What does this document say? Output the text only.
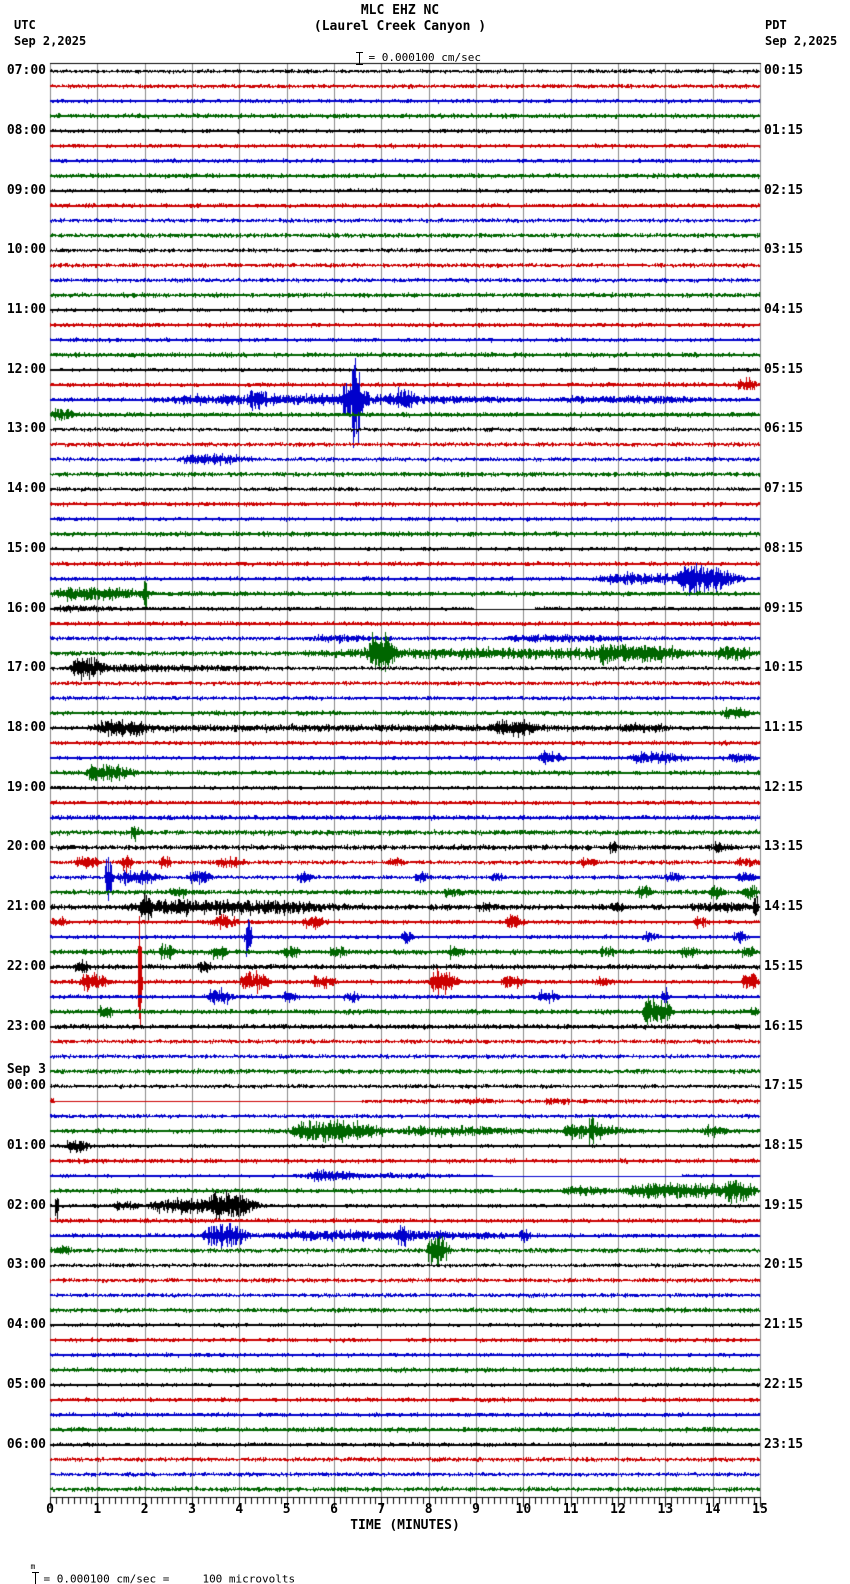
MLC EHZ NC
(Laurel Creek Canyon )

= 0.000100 cm/sec

UTC
Sep 2,2025
PDT
Sep 2,2025
07:00
08:00
09:00
10:00
11:00
12:00
13:00
14:00
15:00
16:00
17:00
18:00
19:00
20:00
21:00
22:00
23:00
00:00
Sep 3
01:00
02:00
03:00
04:00
05:00
06:00
00:15
01:15
02:15
03:15
04:15
05:15
06:15
07:15
08:15
09:15
10:15
11:15
12:15
13:15
14:15
15:15
16:15
17:15
18:15
19:15
20:15
21:15
22:15
23:15
0	1	2	3	4	5	6	7	8	9	10	11	12	13	14	15
TIME (MINUTES)

m

= 0.000100 cm/sec =     100 microvolts
